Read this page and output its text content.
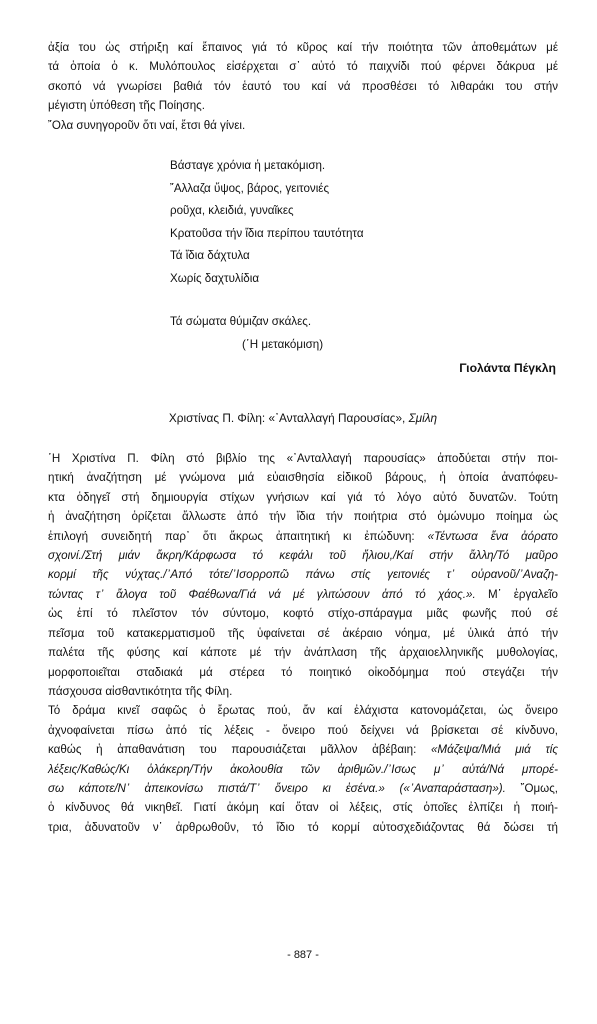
ἀξία του ὡς στήριξη καί ἔπαινος γιά τό κῦρος καί τήν ποιότητα τῶν ἀποθεμάτων μέ
τά ὁποία ὁ κ. Μυλόπουλος εἰσέρχεται σ᾿ αὐτό τό παιχνίδι πού φέρνει δάκρυα μέ
σκοπό νά γνωρίσει βαθιά τόν ἑαυτό του καί νά προσθέσει τό λιθαράκι του στήν
μέγιστη ὑπόθεση τῆς Ποίησης.
῎Ολα συνηγοροῦν ὅτι ναί, ἔτσι θά γίνει.
Βάσταγε χρόνια ἡ μετακόμιση.
῎Αλλαζα ὕψος, βάρος, γειτονιές
ροῦχα, κλειδιά, γυναῖκες
Κρατοῦσα τήν ἴδια περίπου ταυτότητα
Τά ἴδια δάχτυλα
Χωρίς δαχτυλίδια
Τά σώματα θύμιζαν σκάλες.
(῾Η μετακόμιση)
Γιολάντα Πέγκλη
Χριστίνας Π. Φίλη: «᾿Ανταλλαγή Παρουσίας», Σμίλη
῾Η Χριστίνα Π. Φίλη στό βιβλίο της «᾿Ανταλλαγή παρουσίας» ἀποδύεται στήν ποι-
ητική ἀναζήτηση μέ γνώμονα μιά εὐαισθησία εἰδικοῦ βάρους, ἡ ὁποία ἀναπόφευ-
κτα ὁδηγεῖ στή δημιουργία στίχων γνήσιων καί γιά τό λόγο αὐτό δυνατῶν. Τούτη
ἡ ἀναζήτηση ὁρίζεται ἄλλωστε ἀπό τήν ἴδια τήν ποιήτρια στό ὁμώνυμο ποίημα ὡς
ἐπιλογή συνειδητή παρ᾿ ὅτι ἄκρως ἀπαιτητική κι ἐπώδυνη: «Τέντωσα ἕνα ἀόρατο
σχοινί./Στή μιάν ἄκρη/Κάρφωσα τό κεφάλι τοῦ ἥλιου,/Καί στήν ἄλλη/Τό μαῦρο
κορμί τῆς νύχτας./᾿Από τότε/᾿Ισορροπῶ πάνω στίς γειτονιές τ᾿ οὐρανοῦ/᾿Αναζη-
τώντας τ᾿ ἄλογα τοῦ Φαέθωνα/Γιά νά μέ γλιτώσουν ἀπό τό χάος.». Μ᾿ ἐργαλεῖο
ὡς ἐπί τό πλεῖστον τόν σύντομο, κοφτό στίχο-σπάραγμα μιᾶς φωνῆς πού σέ
πεῖσμα τοῦ κατακερματισμοῦ τῆς ὑφαίνεται σέ ἀκέραιο νόημα, μέ ὑλικά ἀπό τήν
παλέτα τῆς φύσης καί κάποτε μέ τήν ἀνάπλαση τῆς ἀρχαιοελληνικῆς μυθολογίας,
μορφοποιεῖται σταδιακά μά στέρεα τό ποιητικό οἰκοδόμημα πού στεγάζει τήν
πάσχουσα αἰσθαντικότητα τῆς Φίλη.
Τό δράμα κινεῖ σαφῶς ὁ ἔρωτας πού, ἄν καί ἐλάχιστα κατονομάζεται, ὡς ὄνειρο
ἀχνοφαίνεται πίσω ἀπό τίς λέξεις - ὄνειρο πού δείχνει νά βρίσκεται σέ κίνδυνο,
καθώς ἡ ἀπαθανάτιση του παρουσιάζεται μᾶλλον ἀβέβαιη: «Μάζεψα/Μιά μιά τίς
λέξεις/Καθώς/Κι ὁλάκερη/Τήν ἀκολουθία τῶν ἀριθμῶν./᾿Ισως μ᾿ αὐτά/Νά μπορέ-
σω κάποτε/Ν᾿ ἀπεικονίσω πιστά/Τ᾿ ὄνειρο κι ἐσένα.» («᾿Αναπαράσταση»). ῎Ομως,
ὁ κίνδυνος θά νικηθεῖ. Γιατί ἀκόμη καί ὅταν οἱ λέξεις, στίς ὁποῖες ἐλπίζει ἡ ποιή-
τρια, ἀδυνατοῦν ν᾿ ἀρθρωθοῦν, τό ἴδιο τό κορμί αὐτοσχεδιάζοντας θά δώσει τή
- 887 -
